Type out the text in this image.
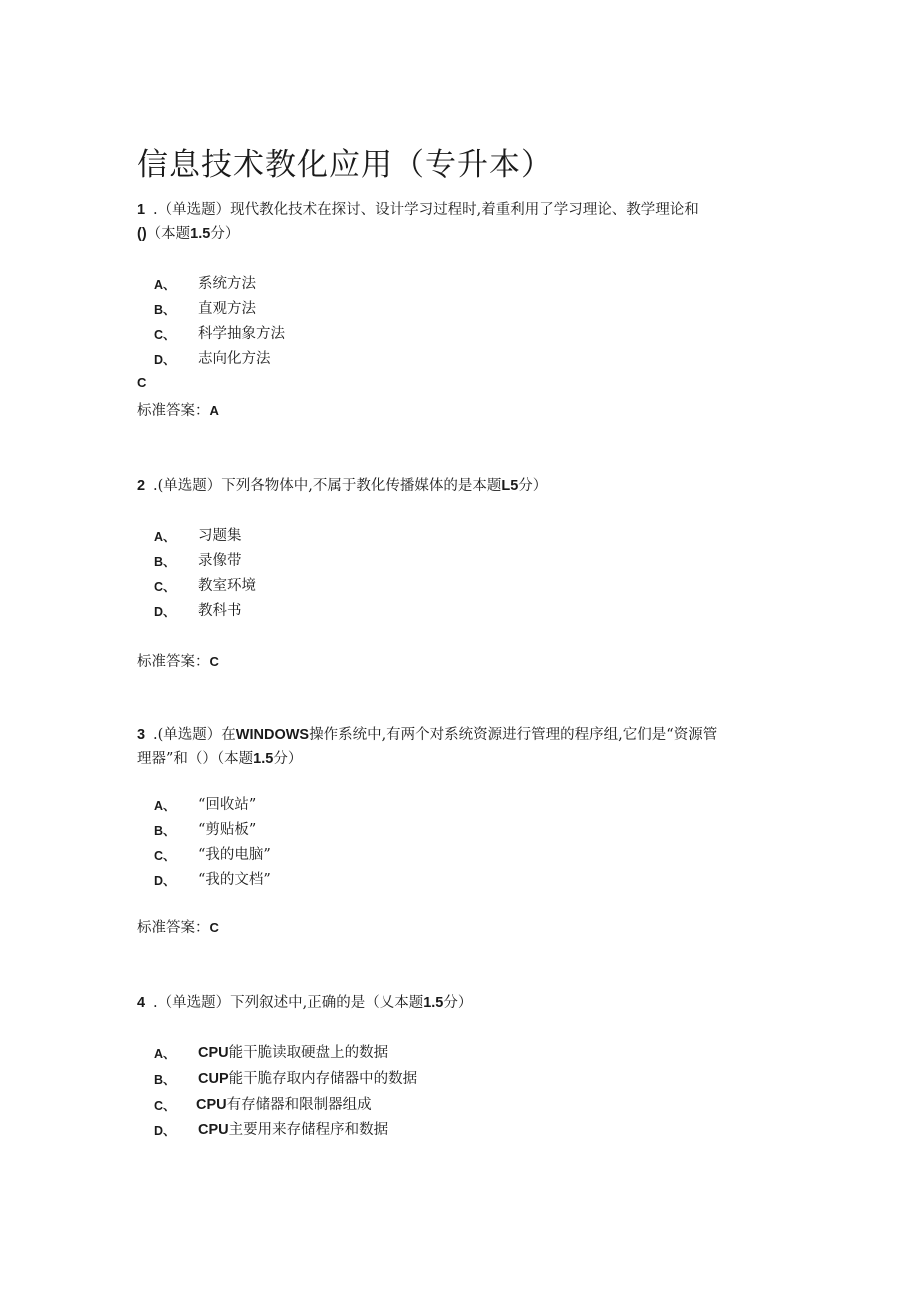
信息技术教化应用（专升本）
1 .（单选题）现代教化技术在探讨、设计学习过程时,着重利用了学习理论、教学理论和
()（本题1.5分）
A、 系统方法
B、 直观方法
C、 科学抽象方法
D、 志向化方法
C
标准答案：A
2 .(单选题）下列各物体中,不属于教化传播媒体的是本题L5分）
A、 习题集
B、 录像带
C、 教室环境
D、 教科书
标准答案：C
3 .(单选题）在WINDOWS操作系统中,有两个对系统资源进行管理的程序组,它们是“资源管
理器”和（）（本题1.5分）
A、 “回收站”
B、 “剪贴板”
C、 “我的电脑”
D、 “我的文档”
标准答案：C
4 .（单选题）下列叙述中,正确的是（乂本题1.5分）
A、 CPU能干脆读取硬盘上的数据
B、 CUP能干脆存取内存储器中的数据
C、 CPU有存储器和限制器组成
D、 CPU主要用来存储程序和数据
